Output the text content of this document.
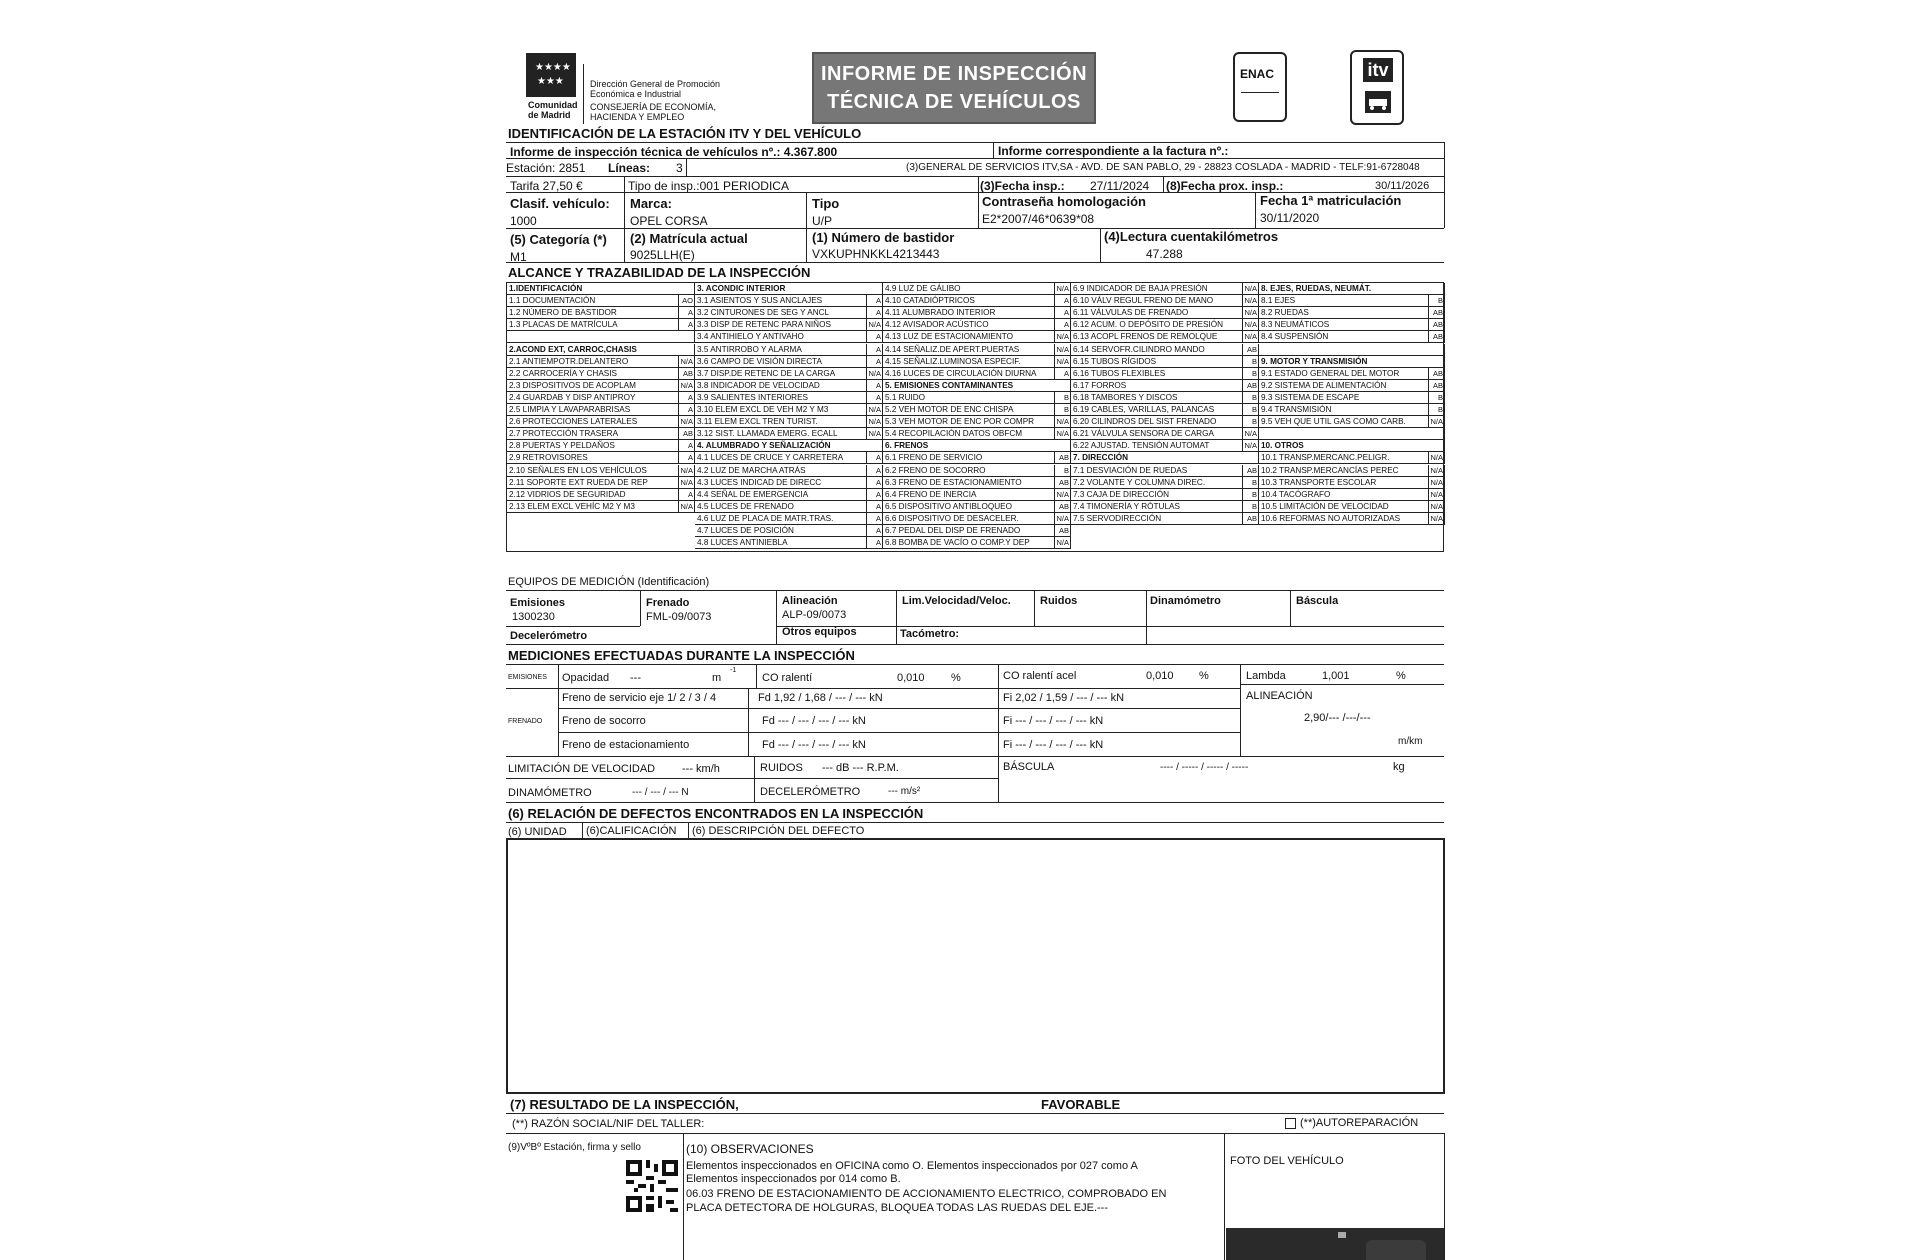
★★★★
★★★
Comunidad
de Madrid
Dirección General de Promoción
Económica e Industrial
CONSEJERÍA DE ECONOMÍA,
HACIENDA Y EMPLEO
INFORME DE INSPECCIÓN
TÉCNICA DE VEHÍCULOS
ENAC	itv
IDENTIFICACIÓN DE LA ESTACIÓN ITV Y DEL VEHÍCULO
Informe de inspección técnica de vehículos nº.: 4.367.800	Informe correspondiente a la factura nº.:
Estación: 2851 Líneas: 3	(3)GENERAL DE SERVICIOS ITV,SA - AVD. DE SAN PABLO, 29 - 28823 COSLADA - MADRID - TELF:91-6728048
Tarifa 27,50 €	Tipo de insp.:001 PERIODICA	(3)Fecha insp.: 27/11/2024 (8)Fecha prox. insp.:	30/11/2026
Clasif. vehículo:
1000
Marca:
OPEL CORSA
Tipo
U/P
Contraseña homologación
E2*2007/46*0639*08
Fecha 1ª matriculación
30/11/2020
(5) Categoría (*)
M1
(2) Matrícula actual
9025LLH(E)
(1) Número de bastidor
VXKUPHNKKL4213443
(4)Lectura cuentakilómetros
47.288
ALCANCE Y TRAZABILIDAD DE LA INSPECCIÓN
1.IDENTIFICACIÓN
1.1 DOCUMENTACIÓN	AO
1.2 NÚMERO DE BASTIDOR	A
1.3 PLACAS DE MATRÍCULA	A
2.ACOND EXT, CARROC,CHASIS
2.1 ANTIEMPOTR.DELANTERO	N/A
2.2 CARROCERÍA Y CHASIS	AB
2.3 DISPOSITIVOS DE ACOPLAM	N/A
2.4 GUARDAB Y DISP ANTIPROY	A
2.5 LIMPIA Y LAVAPARABRISAS	A
2.6 PROTECCIONES LATERALES	N/A
2.7 PROTECCIÓN TRASERA	AB
2.8 PUERTAS Y PELDAÑOS	A
2.9 RETROVISORES	A
2.10 SEÑALES EN LOS VEHÍCULOS	N/A
2.11 SOPORTE EXT RUEDA DE REP	N/A
2.12 VIDRIOS DE SEGURIDAD	A
2.13 ELEM EXCL VEHÍC M2 Y M3	N/A
3. ACONDIC INTERIOR
3.1 ASIENTOS Y SUS ANCLAJES	A
3.2 CINTURONES DE SEG Y ANCL	A
3.3 DISP DE RETENC PARA NIÑOS	N/A
3.4 ANTIHIELO Y ANTIVAHO	A
3.5 ANTIRROBO Y ALARMA	A
3.6 CAMPO DE VISIÓN DIRECTA	A
3.7 DISP.DE RETENC DE LA CARGA	N/A
3.8 INDICADOR DE VELOCIDAD	A
3.9 SALIENTES INTERIORES	A
3.10 ELEM EXCL DE VEH M2 Y M3	N/A
3.11 ELEM EXCL TREN TURIST.	N/A
3.12 SIST. LLAMADA EMERG. ECALL	N/A
4. ALUMBRADO Y SEÑALIZACIÓN
4.1 LUCES DE CRUCE Y CARRETERA	A
4.2 LUZ DE MARCHA ATRÁS	A
4.3 LUCES INDICAD DE DIRECC	A
4.4 SEÑAL DE EMERGENCIA	A
4.5 LUCES DE FRENADO	A
4.6 LUZ DE PLACA DE MATR.TRAS.	A
4.7 LUCES DE POSICIÓN	A
4.8 LUCES ANTINIEBLA	A
4.9 LUZ DE GÁLIBO	N/A
4.10 CATADIÓPTRICOS	A
4.11 ALUMBRADO INTERIOR	A
4.12 AVISADOR ACÚSTICO	A
4.13 LUZ DE ESTACIONAMIENTO	N/A
4.14 SEÑALIZ.DE APERT.PUERTAS	N/A
4.15 SEÑALIZ.LUMINOSA ESPECIF.	N/A
4.16 LUCES DE CIRCULACIÓN DIURNA	A
5. EMISIONES CONTAMINANTES
5.1 RUIDO	B
5.2 VEH MOTOR DE ENC CHISPA	B
5.3 VEH MOTOR DE ENC POR COMPR	N/A
5.4 RECOPILACIÓN DATOS OBFCM	N/A
6. FRENOS
6.1 FRENO DE SERVICIO	AB
6.2 FRENO DE SOCORRO	B
6.3 FRENO DE ESTACIONAMIENTO	AB
6.4 FRENO DE INERCIA	N/A
6.5 DISPOSITIVO ANTIBLOQUEO	AB
6.6 DISPOSITIVO DE DESACELER.	N/A
6.7 PEDAL DEL DISP DE FRENADO	AB
6.8 BOMBA DE VACÍO O COMP.Y DEP	N/A
6.9 INDICADOR DE BAJA PRESIÓN	N/A
6.10 VÁLV REGUL FRENO DE MANO	N/A
6.11 VÁLVULAS DE FRENADO	N/A
6.12 ACUM. O DEPÓSITO DE PRESIÓN	N/A
6.13 ACOPL FRENOS DE REMOLQUE	N/A
6.14 SERVOFR.CILINDRO MANDO	AB
6.15 TUBOS RÍGIDOS	B
6.16 TUBOS FLEXIBLES	B
6.17 FORROS	AB
6.18 TAMBORES Y DISCOS	B
6.19 CABLES, VARILLAS, PALANCAS	B
6.20 CILINDROS DEL SIST FRENADO	B
6.21 VÁLVULA SENSORA DE CARGA	N/A
6.22 AJUSTAD. TENSIÓN AUTOMAT	N/A
7. DIRECCIÓN
7.1 DESVIACIÓN DE RUEDAS	AB
7.2 VOLANTE Y COLUMNA DIREC.	B
7.3 CAJA DE DIRECCIÓN	B
7.4 TIMONERÍA Y RÓTULAS	B
7.5 SERVODIRECCIÓN	AB
8. EJES, RUEDAS, NEUMÁT.
8.1 EJES	B
8.2 RUEDAS	AB
8.3 NEUMÁTICOS	AB
8.4 SUSPENSIÓN	AB
9. MOTOR Y TRANSMISIÓN
9.1 ESTADO GENERAL DEL MOTOR	AB
9.2 SISTEMA DE ALIMENTACIÓN	AB
9.3 SISTEMA DE ESCAPE	B
9.4 TRANSMISIÓN	B
9.5 VEH QUE UTIL GAS COMO CARB.	N/A
10. OTROS
10.1 TRANSP.MERCANC.PELIGR.	N/A
10.2 TRANSP.MERCANCÍAS PEREC	N/A
10.3 TRANSPORTE ESCOLAR	N/A
10.4 TACÓGRAFO	N/A
10.5 LIMITACIÓN DE VELOCIDAD	N/A
10.6 REFORMAS NO AUTORIZADAS	N/A
EQUIPOS DE MEDICIÓN (Identificación)
Emisiones
1300230
Frenado
FML-09/0073
Alineación
ALP-09/0073
Lim.Velocidad/Veloc.	Ruidos	Dinamómetro	Báscula
Decelerómetro	Otros equipos	Tacómetro:
MEDICIONES EFECTUADAS DURANTE LA INSPECCIÓN
EMISIONES Opacidad ---	m
-1
CO ralentí	0,010 %	CO ralentí acel	0,010 %	Lambda	1,001	%
FRENADO
Freno de servicio eje 1/ 2 / 3 / 4	Fd 1,92 / 1,68 / --- / --- kN	Fi 2,02 / 1,59 / --- / --- kN	ALINEACIÓN
2,90/--- /---/---
m/km
Freno de socorro	Fd --- / --- / --- / --- kN	Fi --- / --- / --- / --- kN
Freno de estacionamiento	Fd --- / --- / --- / --- kN	Fi --- / --- / --- / --- kN
LIMITACIÓN DE VELOCIDAD --- km/h	RUIDOS --- dB --- R.P.M.	BÁSCULA	---- / ----- / ----- / -----	kg
DINAMÓMETRO	--- / --- / --- N	DECELERÓMETRO	--- m/s²
(6) RELACIÓN DE DEFECTOS ENCONTRADOS EN LA INSPECCIÓN
(6) UNIDAD (6)CALIFICACIÓN (6) DESCRIPCIÓN DEL DEFECTO
(7) RESULTADO DE LA INSPECCIÓN,	FAVORABLE
(**) RAZÓN SOCIAL/NIF DEL TALLER:	(**)AUTOREPARACIÓN
(9)VºBº Estación, firma y sello	(10) OBSERVACIONES
Elementos inspeccionados en OFICINA como O. Elementos inspeccionados por 027 como A
Elementos inspeccionados por 014 como B.
06.03 FRENO DE ESTACIONAMIENTO DE ACCIONAMIENTO ELECTRICO, COMPROBADO EN
PLACA DETECTORA DE HOLGURAS, BLOQUEA TODAS LAS RUEDAS DEL EJE.---
FOTO DEL VEHÍCULO
